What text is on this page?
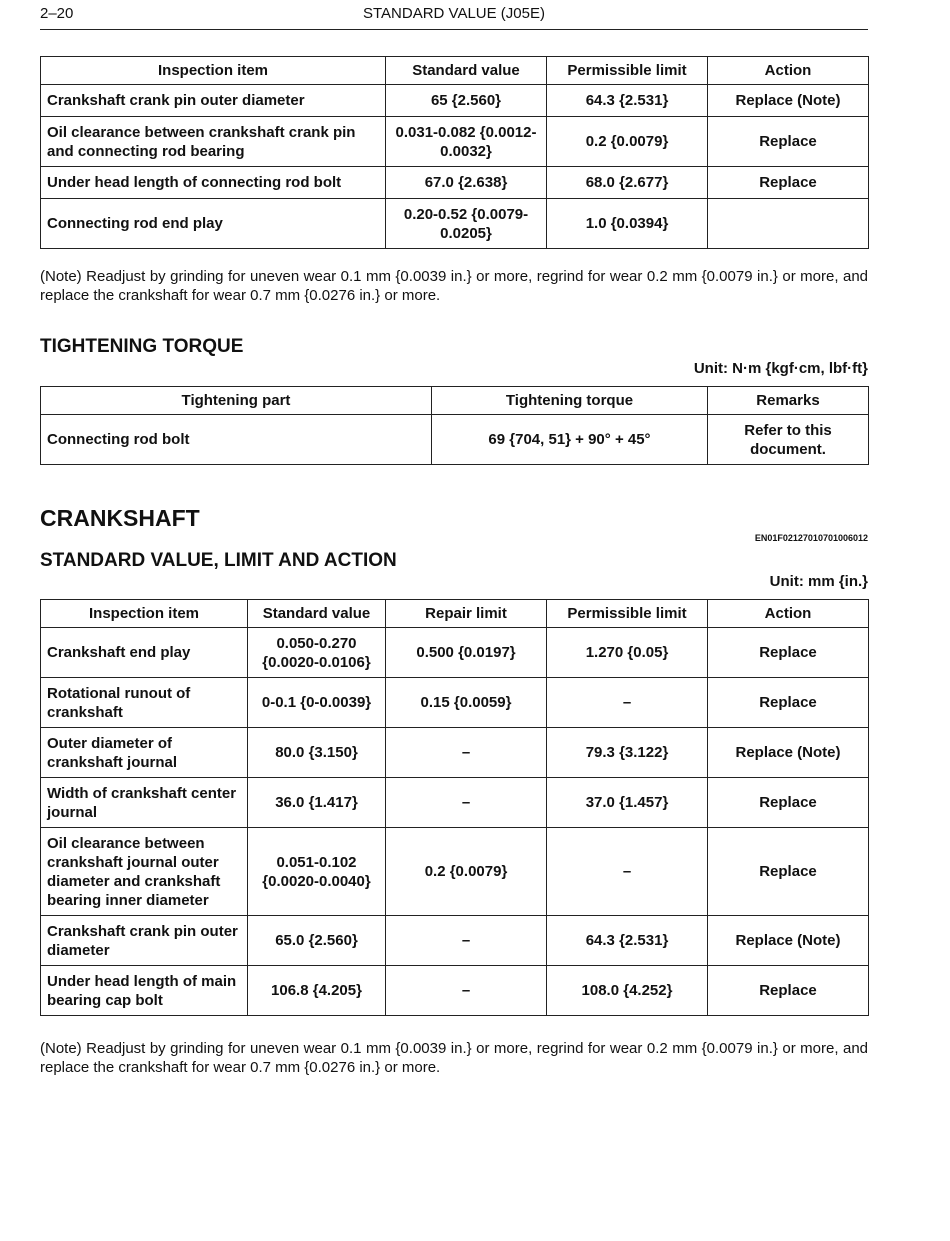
2–20	STANDARD VALUE (J05E)
Inspection item	Standard value	Permissible limit	Action
Crankshaft crank pin outer diameter	65 {2.560}	64.3 {2.531}	Replace (Note)
Oil clearance between crankshaft crank pin and connecting rod bearing	0.031-0.082 {0.0012-0.0032}	0.2 {0.0079}	Replace
Under head length of connecting rod bolt	67.0 {2.638}	68.0 {2.677}	Replace
Connecting rod end play	0.20-0.52 {0.0079-0.0205}	1.0 {0.0394}	
(Note) Readjust by grinding for uneven wear 0.1 mm {0.0039 in.} or more, regrind for wear 0.2 mm {0.0079 in.} or more, and replace the crankshaft for wear 0.7 mm {0.0276 in.} or more.
TIGHTENING TORQUE
Unit: N·m {kgf·cm, lbf·ft}
Tightening part	Tightening torque	Remarks
Connecting rod bolt	69 {704, 51} + 90° + 45°	Refer to this document.
CRANKSHAFT
EN01F02127010701006012
STANDARD VALUE, LIMIT AND ACTION
Unit: mm {in.}
Inspection item	Standard value	Repair limit	Permissible limit	Action
Crankshaft end play	0.050-0.270 {0.0020-0.0106}	0.500 {0.0197}	1.270 {0.05}	Replace
Rotational runout of crankshaft	0-0.1 {0-0.0039}	0.15 {0.0059}	–	Replace
Outer diameter of crankshaft journal	80.0 {3.150}	–	79.3 {3.122}	Replace (Note)
Width of crankshaft center journal	36.0 {1.417}	–	37.0 {1.457}	Replace
Oil clearance between crankshaft journal outer diameter and crankshaft bearing inner diameter	0.051-0.102 {0.0020-0.0040}	0.2 {0.0079}	–	Replace
Crankshaft crank pin outer diameter	65.0 {2.560}	–	64.3 {2.531}	Replace (Note)
Under head length of main bearing cap bolt	106.8 {4.205}	–	108.0 {4.252}	Replace
(Note) Readjust by grinding for uneven wear 0.1 mm {0.0039 in.} or more, regrind for wear 0.2 mm {0.0079 in.} or more, and replace the crankshaft for wear 0.7 mm {0.0276 in.} or more.
